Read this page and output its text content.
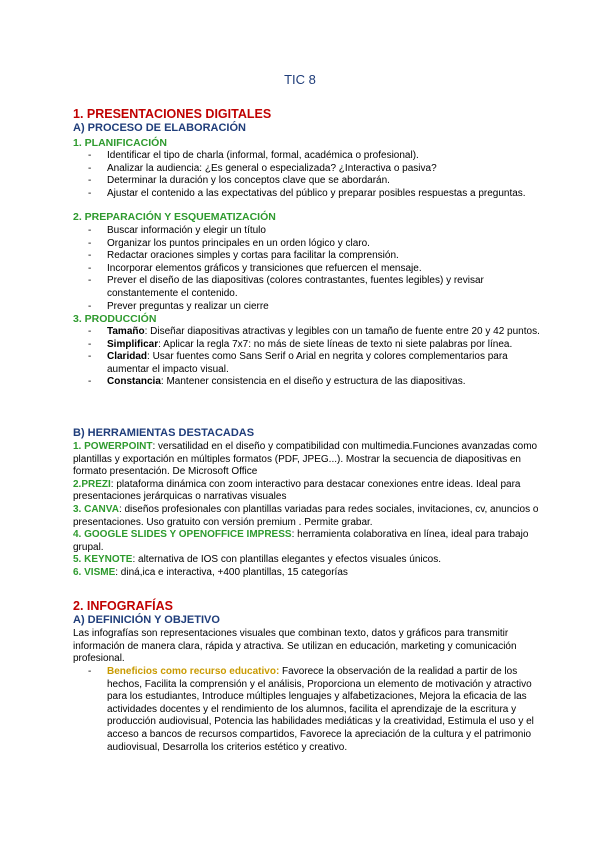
TIC 8
1. PRESENTACIONES DIGITALES
A) PROCESO DE ELABORACIÓN
1. PLANIFICACIÓN
- Identificar el tipo de charla (informal, formal, académica o profesional).
- Analizar la audiencia: ¿Es general o especializada? ¿Interactiva o pasiva?
- Determinar la duración y los conceptos clave que se abordarán.
- Ajustar el contenido a las expectativas del público y preparar posibles respuestas a preguntas.
2. PREPARACIÓN Y ESQUEMATIZACIÓN
- Buscar información y elegir un título
- Organizar los puntos principales en un orden lógico y claro.
- Redactar oraciones simples y cortas para facilitar la comprensión.
- Incorporar elementos gráficos y transiciones que refuercen el mensaje.
- Prever el diseño de las diapositivas (colores contrastantes, fuentes legibles) y revisar constantemente el contenido.
- Prever preguntas y realizar un cierre
3. PRODUCCIÓN
- Tamaño: Diseñar diapositivas atractivas y legibles con un tamaño de fuente entre 20 y 42 puntos.
- Simplificar: Aplicar la regla 7x7: no más de siete líneas de texto ni siete palabras por línea.
- Claridad: Usar fuentes como Sans Serif o Arial en negrita y colores complementarios para aumentar el impacto visual.
- Constancia: Mantener consistencia en el diseño y estructura de las diapositivas.
B) HERRAMIENTAS DESTACADAS
1. POWERPOINT: versatilidad en el diseño y compatibilidad con multimedia.Funciones avanzadas como plantillas y exportación en múltiples formatos (PDF, JPEG...). Mostrar la secuencia de diapositivas en formato presentación. De Microsoft Office
2.PREZI: plataforma dinámica con zoom interactivo para destacar conexiones entre ideas. Ideal para presentaciones jerárquicas o narrativas visuales
3. CANVA: diseños profesionales con plantillas variadas para redes sociales, invitaciones, cv, anuncios o presentaciones. Uso gratuito con versión premium . Permite grabar.
4. GOOGLE SLIDES Y OPENOFFICE IMPRESS: herramienta colaborativa en línea, ideal para trabajo grupal.
5. KEYNOTE: alternativa de IOS con plantillas elegantes y efectos visuales únicos.
6. VISME: diná,ica e interactiva, +400 plantillas, 15 categorías
2. INFOGRAFÍAS
A) DEFINICIÓN Y OBJETIVO
Las infografías son representaciones visuales que combinan texto, datos y gráficos para transmitir información de manera clara, rápida y atractiva. Se utilizan en educación, marketing y comunicación profesional.
- Beneficios como recurso educativo: Favorece la observación de la realidad a partir de los hechos, Facilita la comprensión y el análisis, Proporciona un elemento de motivación y atractivo para los estudiantes, Introduce múltiples lenguajes y alfabetizaciones, Mejora la eficacia de las actividades docentes y el rendimiento de los alumnos, facilita el aprendizaje de la escritura y producción audiovisual, Potencia las habilidades mediáticas y la creatividad, Estimula el uso y el acceso a bancos de recursos compartidos, Favorece la apreciación de la cultura y el patrimonio audiovisual, Desarrolla los criterios estético y creativo.
